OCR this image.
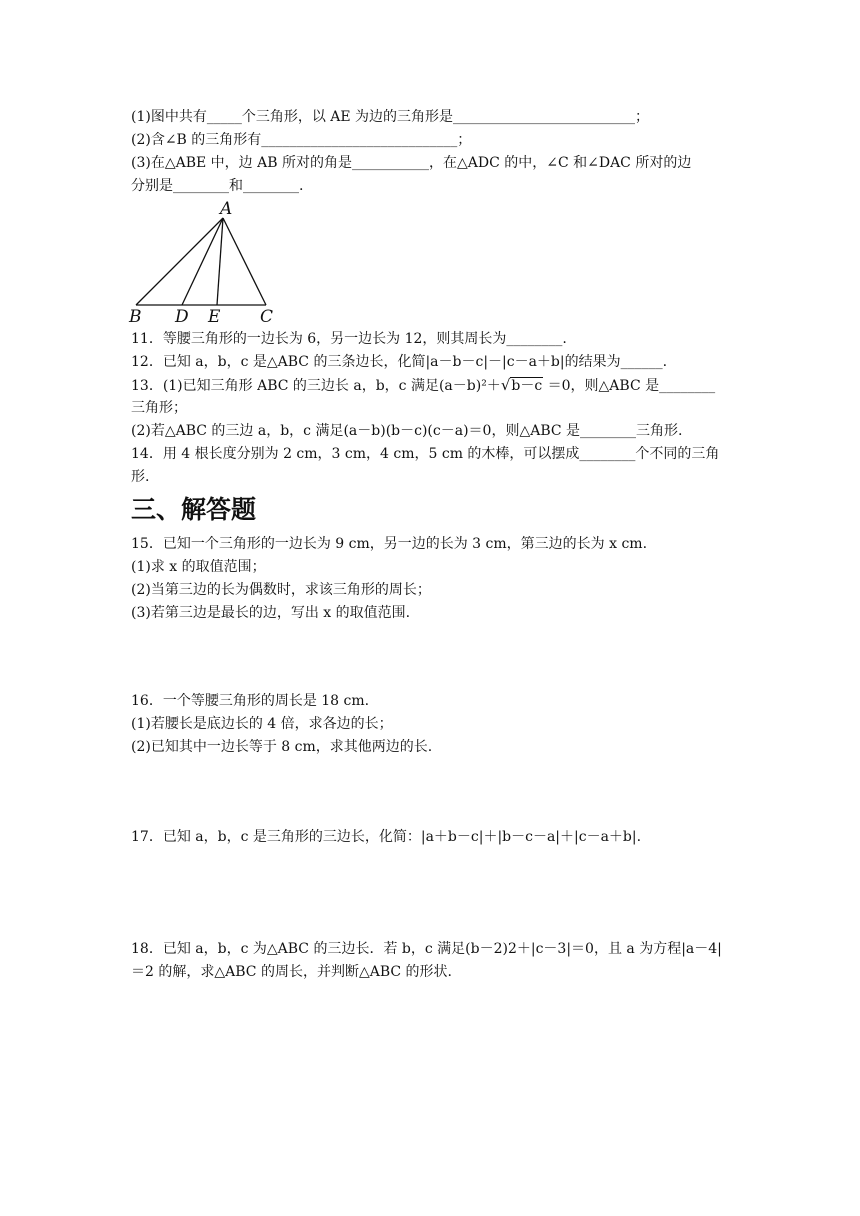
(1)图中共有_____个三角形，以 AE 为边的三角形是__________________________；
(2)含∠B 的三角形有____________________________；
(3)在△ABE 中，边 AB 所对的角是___________，在△ADC 的中，∠C 和∠DAC 所对的边
分别是________和________.
A
B D E C
11．等腰三角形的一边长为 6，另一边长为 12，则其周长为________.
12．已知 a，b，c 是△ABC 的三条边长，化简|a－b－c|－|c－a＋b|的结果为______.
13．(1)已知三角形 ABC 的三边长 a，b，c 满足(a－b)²＋√b－c ＝0，则△ABC 是________
三角形；
(2)若△ABC 的三边 a，b，c 满足(a－b)(b－c)(c－a)＝0，则△ABC 是________三角形.
14．用 4 根长度分别为 2 cm，3 cm，4 cm，5 cm 的木棒，可以摆成________个不同的三角
形.
三、解答题
15．已知一个三角形的一边长为 9 cm，另一边的长为 3 cm，第三边的长为 x cm.
(1)求 x 的取值范围；
(2)当第三边的长为偶数时，求该三角形的周长；
(3)若第三边是最长的边，写出 x 的取值范围.
16．一个等腰三角形的周长是 18 cm.
(1)若腰长是底边长的 4 倍，求各边的长；
(2)已知其中一边长等于 8 cm，求其他两边的长.
17．已知 a，b，c 是三角形的三边长，化简：|a＋b－c|＋|b－c－a|＋|c－a＋b|.
18．已知 a，b，c 为△ABC 的三边长．若 b，c 满足(b－2)2＋|c－3|＝0，且 a 为方程|a－4|
＝2 的解，求△ABC 的周长，并判断△ABC 的形状.
